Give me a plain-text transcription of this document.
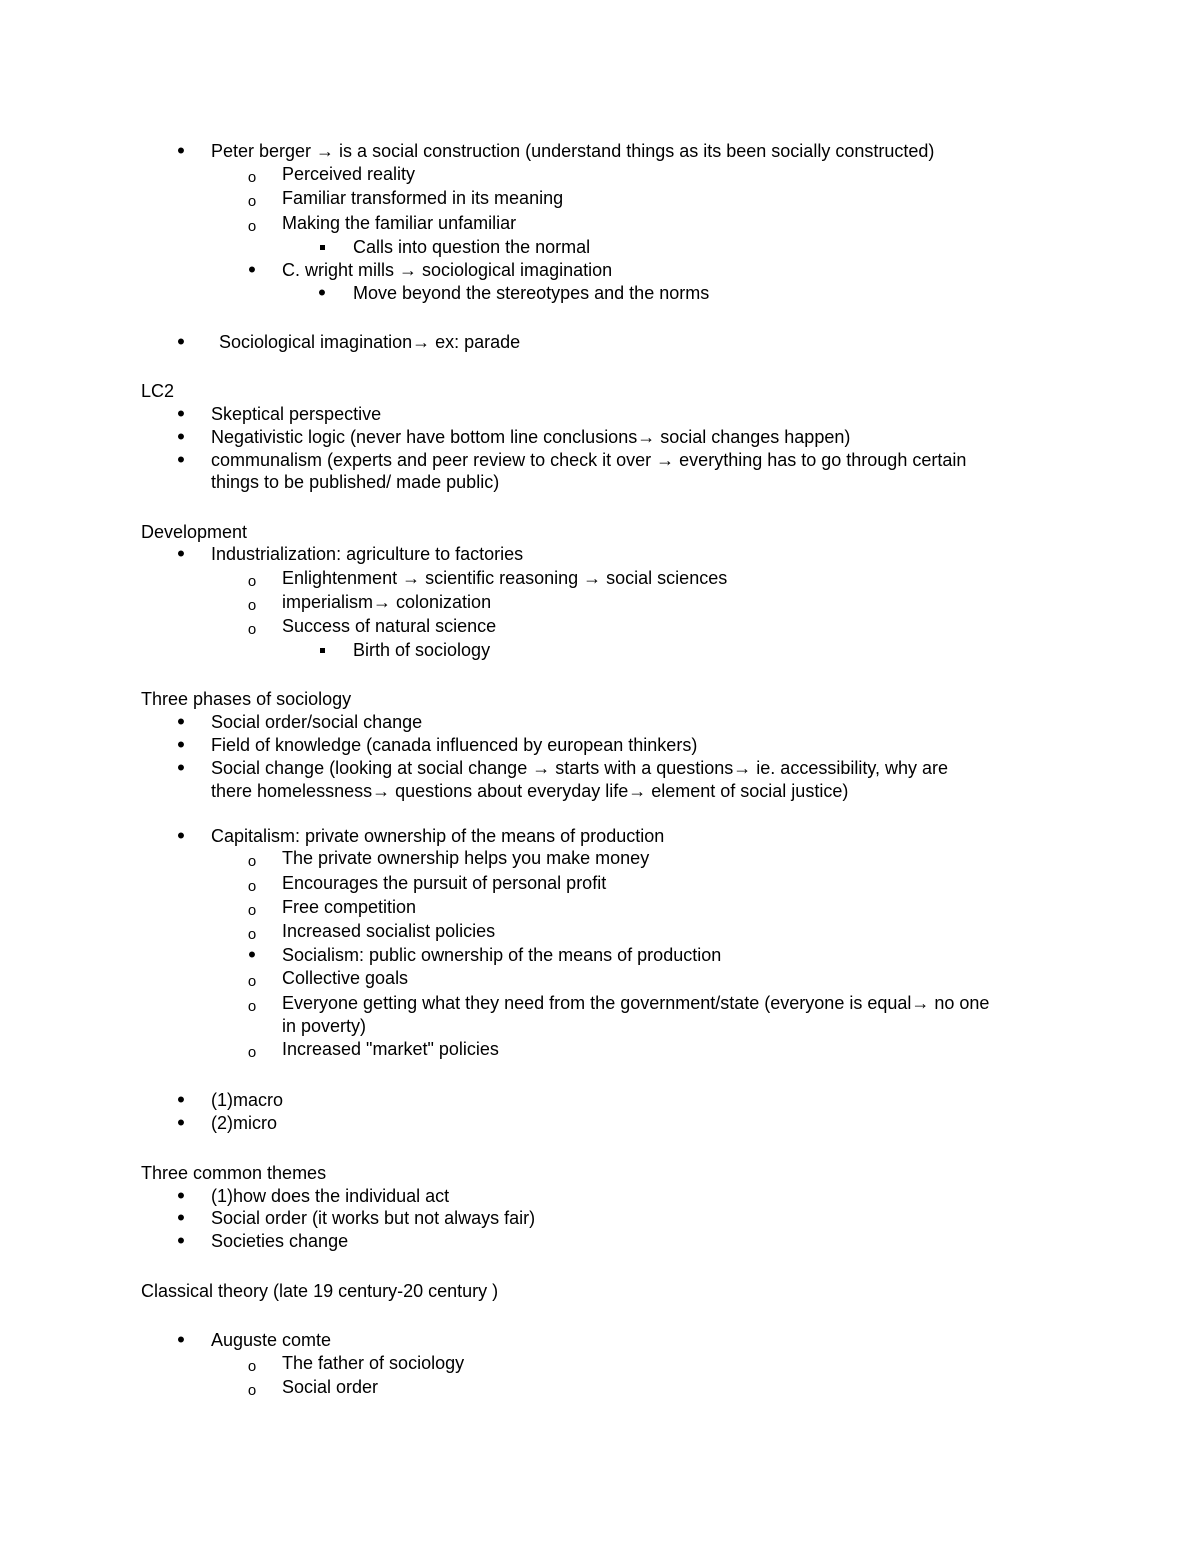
•
Peter berger → is a social construction (understand things as its been socially constructed)
o
Perceived reality
o
Familiar transformed in its meaning
o
Making the familiar unfamiliar
Calls into question the normal
•
C. wright mills → sociological imagination
•
Move beyond the stereotypes and the norms
•
Sociological imagination→ ex: parade
LC2
•
Skeptical perspective
•
Negativistic logic (never have bottom line conclusions→ social changes happen)
•
communalism (experts and peer review to check it over → everything has to go through certain
things to be published/ made public)
Development
•
Industrialization: agriculture to factories
o
Enlightenment → scientific reasoning → social sciences
o
imperialism→ colonization
o
Success of natural science
Birth of sociology
Three phases of sociology
•
Social order/social change
•
Field of knowledge (canada influenced by european thinkers)
•
Social change (looking at social change → starts with a questions→ ie. accessibility, why are
there homelessness→ questions about everyday life→ element of social justice)
•
Capitalism: private ownership of the means of production
o
The private ownership helps you make money
o
Encourages the pursuit of personal profit
o
Free competition
o
Increased socialist policies
•
Socialism: public ownership of the means of production
o
Collective goals
o
Everyone getting what they need from the government/state (everyone is equal→ no one
in poverty)
o
Increased "market" policies
•
(1)macro
•
(2)micro
Three common themes
•
(1)how does the individual act
•
Social order (it works but not always fair)
•
Societies change
Classical theory (late 19 century-20 century )
•
Auguste comte
o
The father of sociology
o
Social order
